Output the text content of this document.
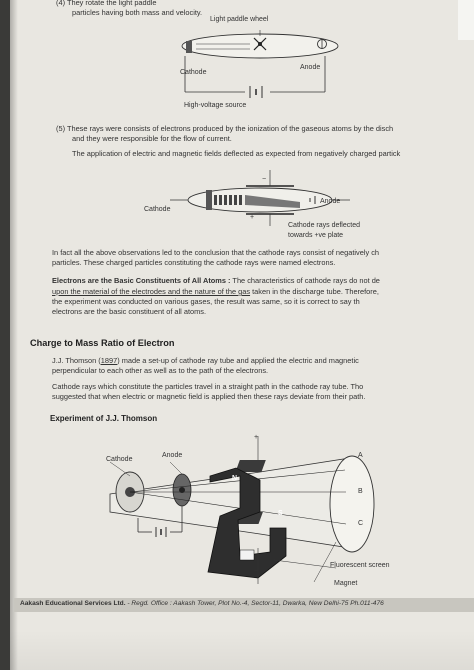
(4) They rotate the light paddle
particles having both mass and velocity.
Light paddle wheel
Cathode
Anode
High-voltage source
(5) These rays were consists of electrons produced by the ionization of the gaseous atoms by the disch
and they were responsible for the flow of current.
The application of electric and magnetic fields deflected as expected from negatively charged partick
−
+
Cathode
Anode
Cathode rays deflected
towards +ve plate
In fact all the above observations led to the conclusion that the cathode rays consist of negatively ch
particles. These charged particles constituting the cathode rays were named electrons.
Electrons are the Basic Constituents of All Atoms : The characteristics of cathode rays do not de
upon the material of the electrodes and the nature of the gas taken in the discharge tube. Therefore,
the experiment was conducted on various gases, the result was same, so it is correct to say th
electrons are the basic constituent of all atoms.
Charge to Mass Ratio of Electron
J.J. Thomson (1897) made a set-up of cathode ray tube and applied the electric and magnetic
perpendicular to each other as well as to the path of the electrons.
Cathode rays which constitute the particles travel in a straight path in the cathode ray tube. Tho
suggested that when electric or magnetic field is applied then these rays deviate from their path.
Experiment of J.J. Thomson
Cathode
Anode
+
−
N
S
A
B
C
Fluorescent screen
Magnet
Aakash Educational Services Ltd. - Regd. Office : Aakash Tower, Plot No.-4, Sector-11, Dwarka, New Delhi-75 Ph.011-476
